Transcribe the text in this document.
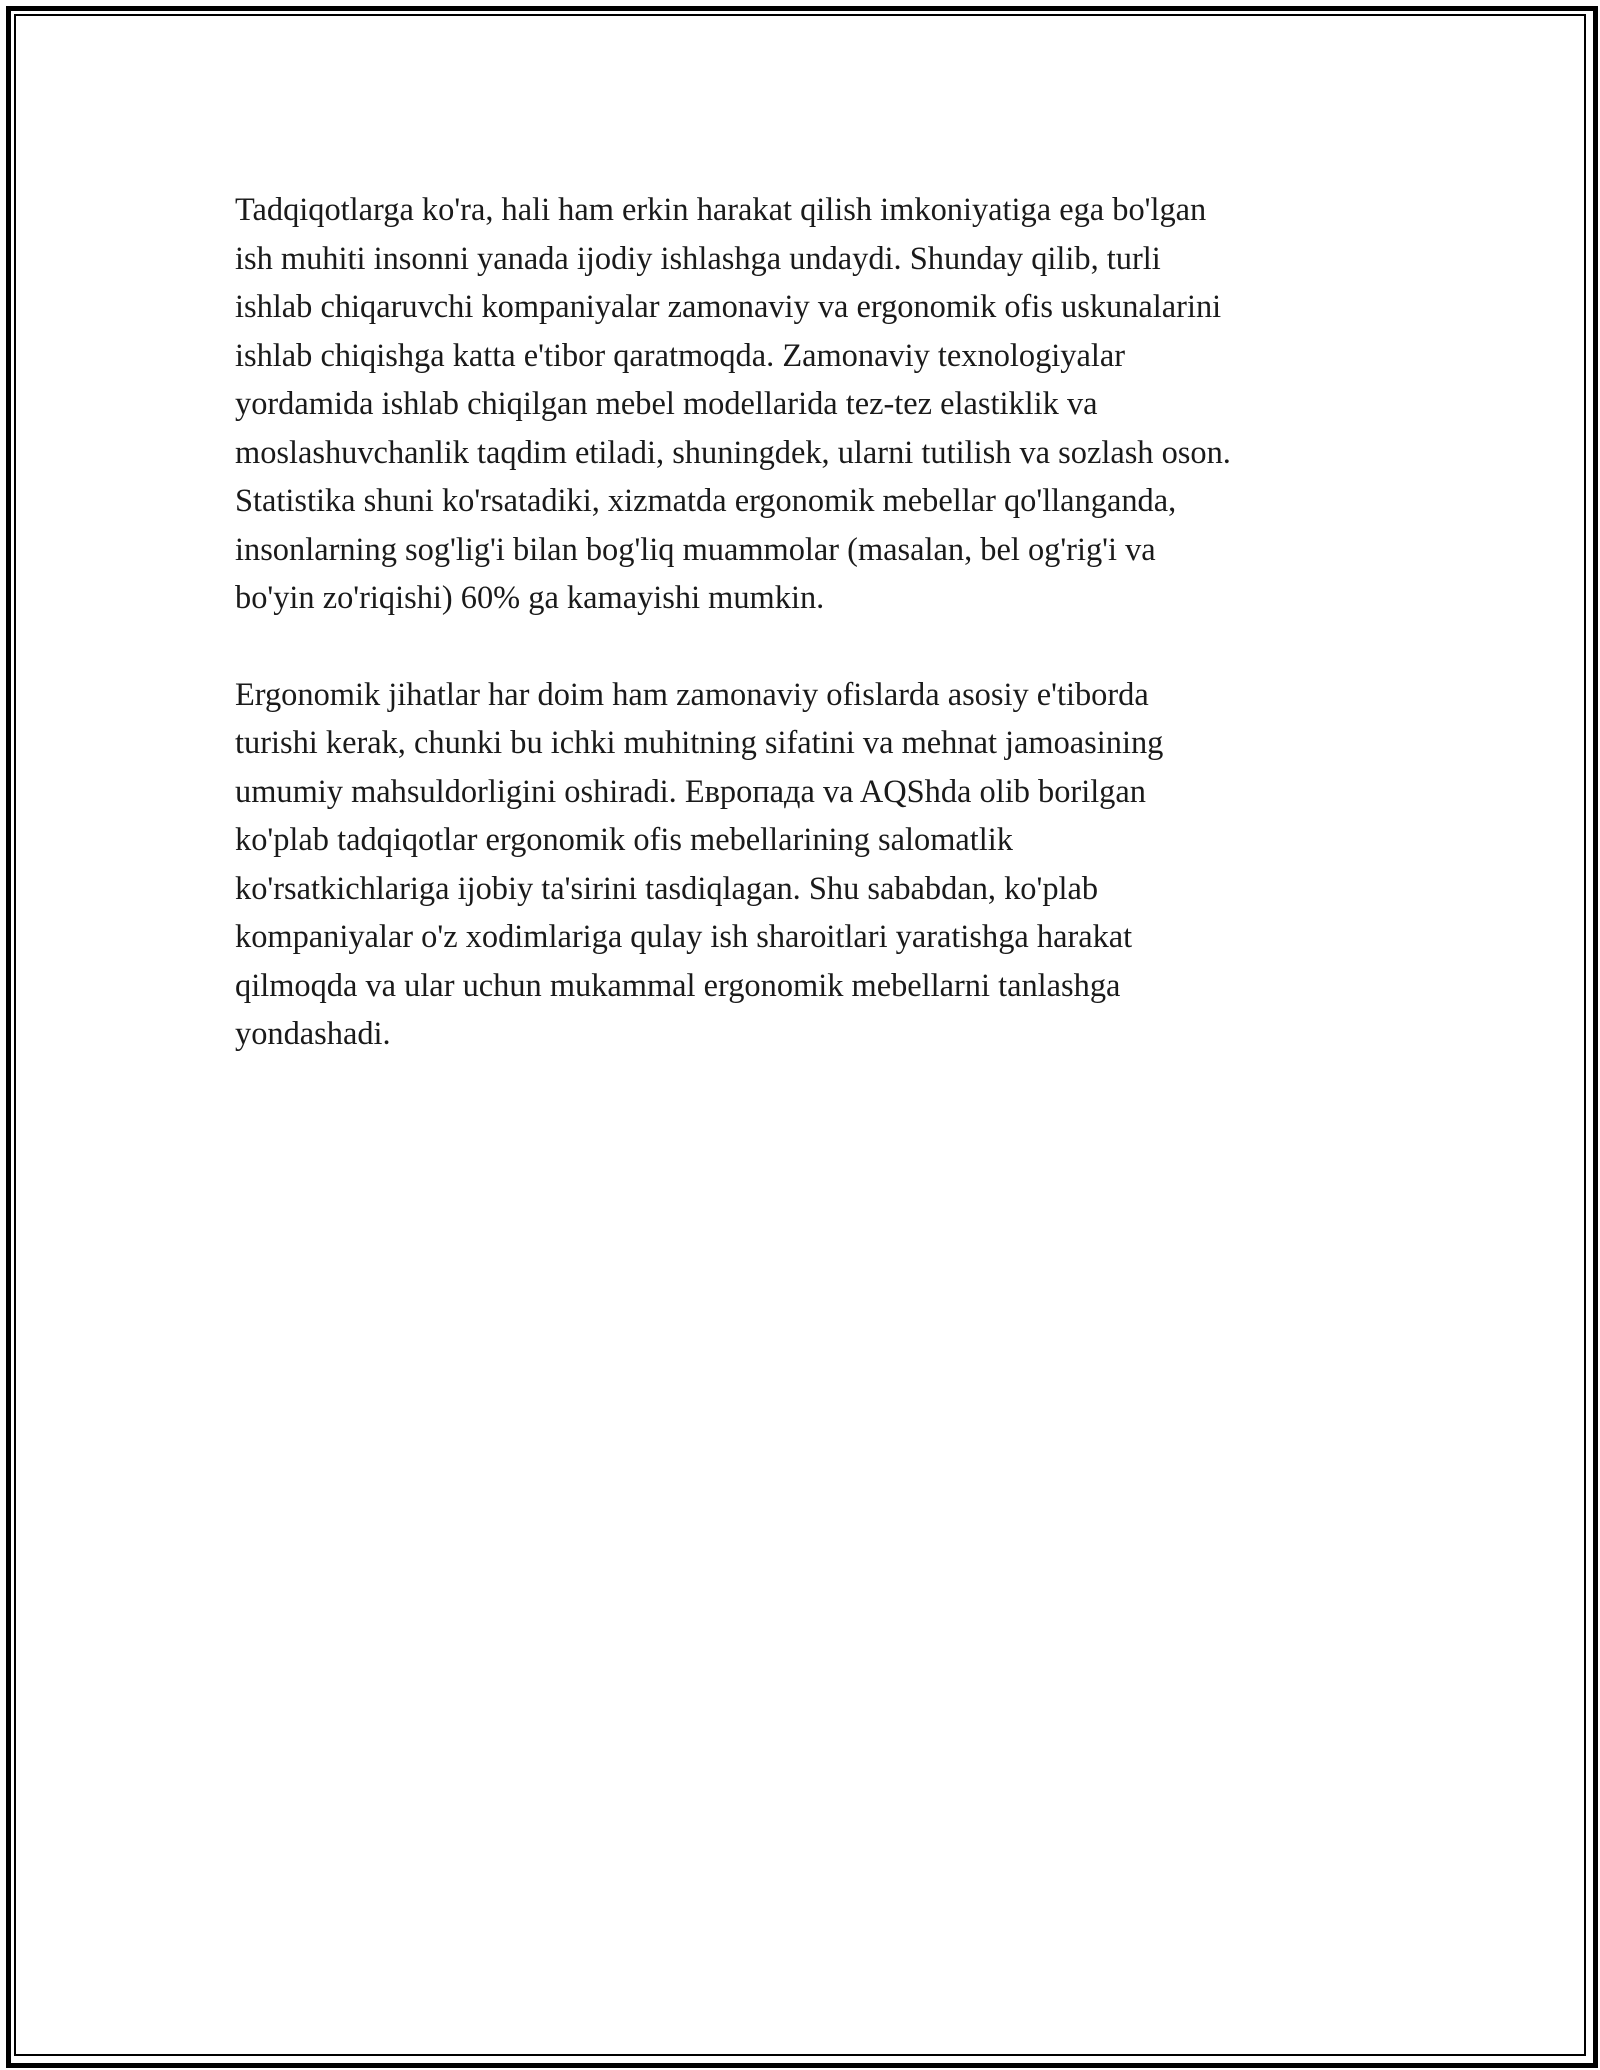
Tadqiqotlarga ko'ra, hali ham erkin harakat qilish imkoniyatiga ega bo'lgan
ish muhiti insonni yanada ijodiy ishlashga undaydi. Shunday qilib, turli
ishlab chiqaruvchi kompaniyalar zamonaviy va ergonomik ofis uskunalarini
ishlab chiqishga katta e'tibor qaratmoqda. Zamonaviy texnologiyalar
yordamida ishlab chiqilgan mebel modellarida tez-tez elastiklik va
moslashuvchanlik taqdim etiladi, shuningdek, ularni tutilish va sozlash oson.
Statistika shuni ko'rsatadiki, xizmatda ergonomik mebellar qo'llanganda,
insonlarning sog'lig'i bilan bog'liq muammolar (masalan, bel og'rig'i va
bo'yin zo'riqishi) 60% ga kamayishi mumkin.

Ergonomik jihatlar har doim ham zamonaviy ofislarda asosiy e'tiborda
turishi kerak, chunki bu ichki muhitning sifatini va mehnat jamoasining
umumiy mahsuldorligini oshiradi. Европада va AQShda olib borilgan
ko'plab tadqiqotlar ergonomik ofis mebellarining salomatlik
ko'rsatkichlariga ijobiy ta'sirini tasdiqlagan. Shu sababdan, ko'plab
kompaniyalar o'z xodimlariga qulay ish sharoitlari yaratishga harakat
qilmoqda va ular uchun mukammal ergonomik mebellarni tanlashga
yondashadi.
